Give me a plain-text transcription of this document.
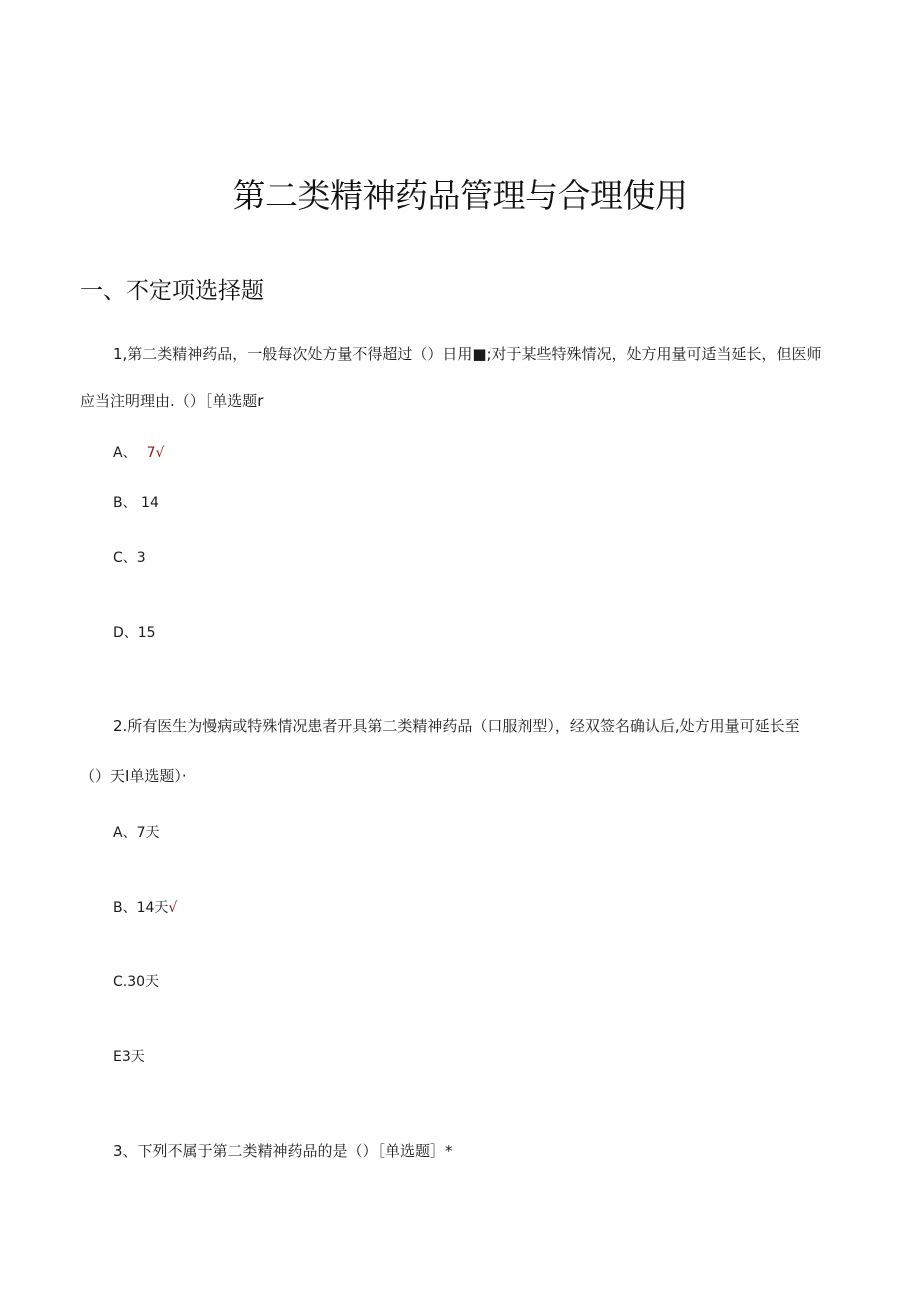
第二类精神药品管理与合理使用
一、不定项选择题
1,第二类精神药品，一般每次处方量不得超过（）日用■;对于某些特殊情况，处方用量可适当延长，但医师
应当注明理由.（）［单选题r
A、 7√
B、 14
C、3
D、15
2.所有医生为慢病或特殊情况患者开具第二类精神药品（口服剂型），经双签名确认后,处方用量可延长至
（）天I单选题）·
A、7天
B、14天√
C.30天
E3天
3、下列不属于第二类精神药品的是（）［单选题］*
